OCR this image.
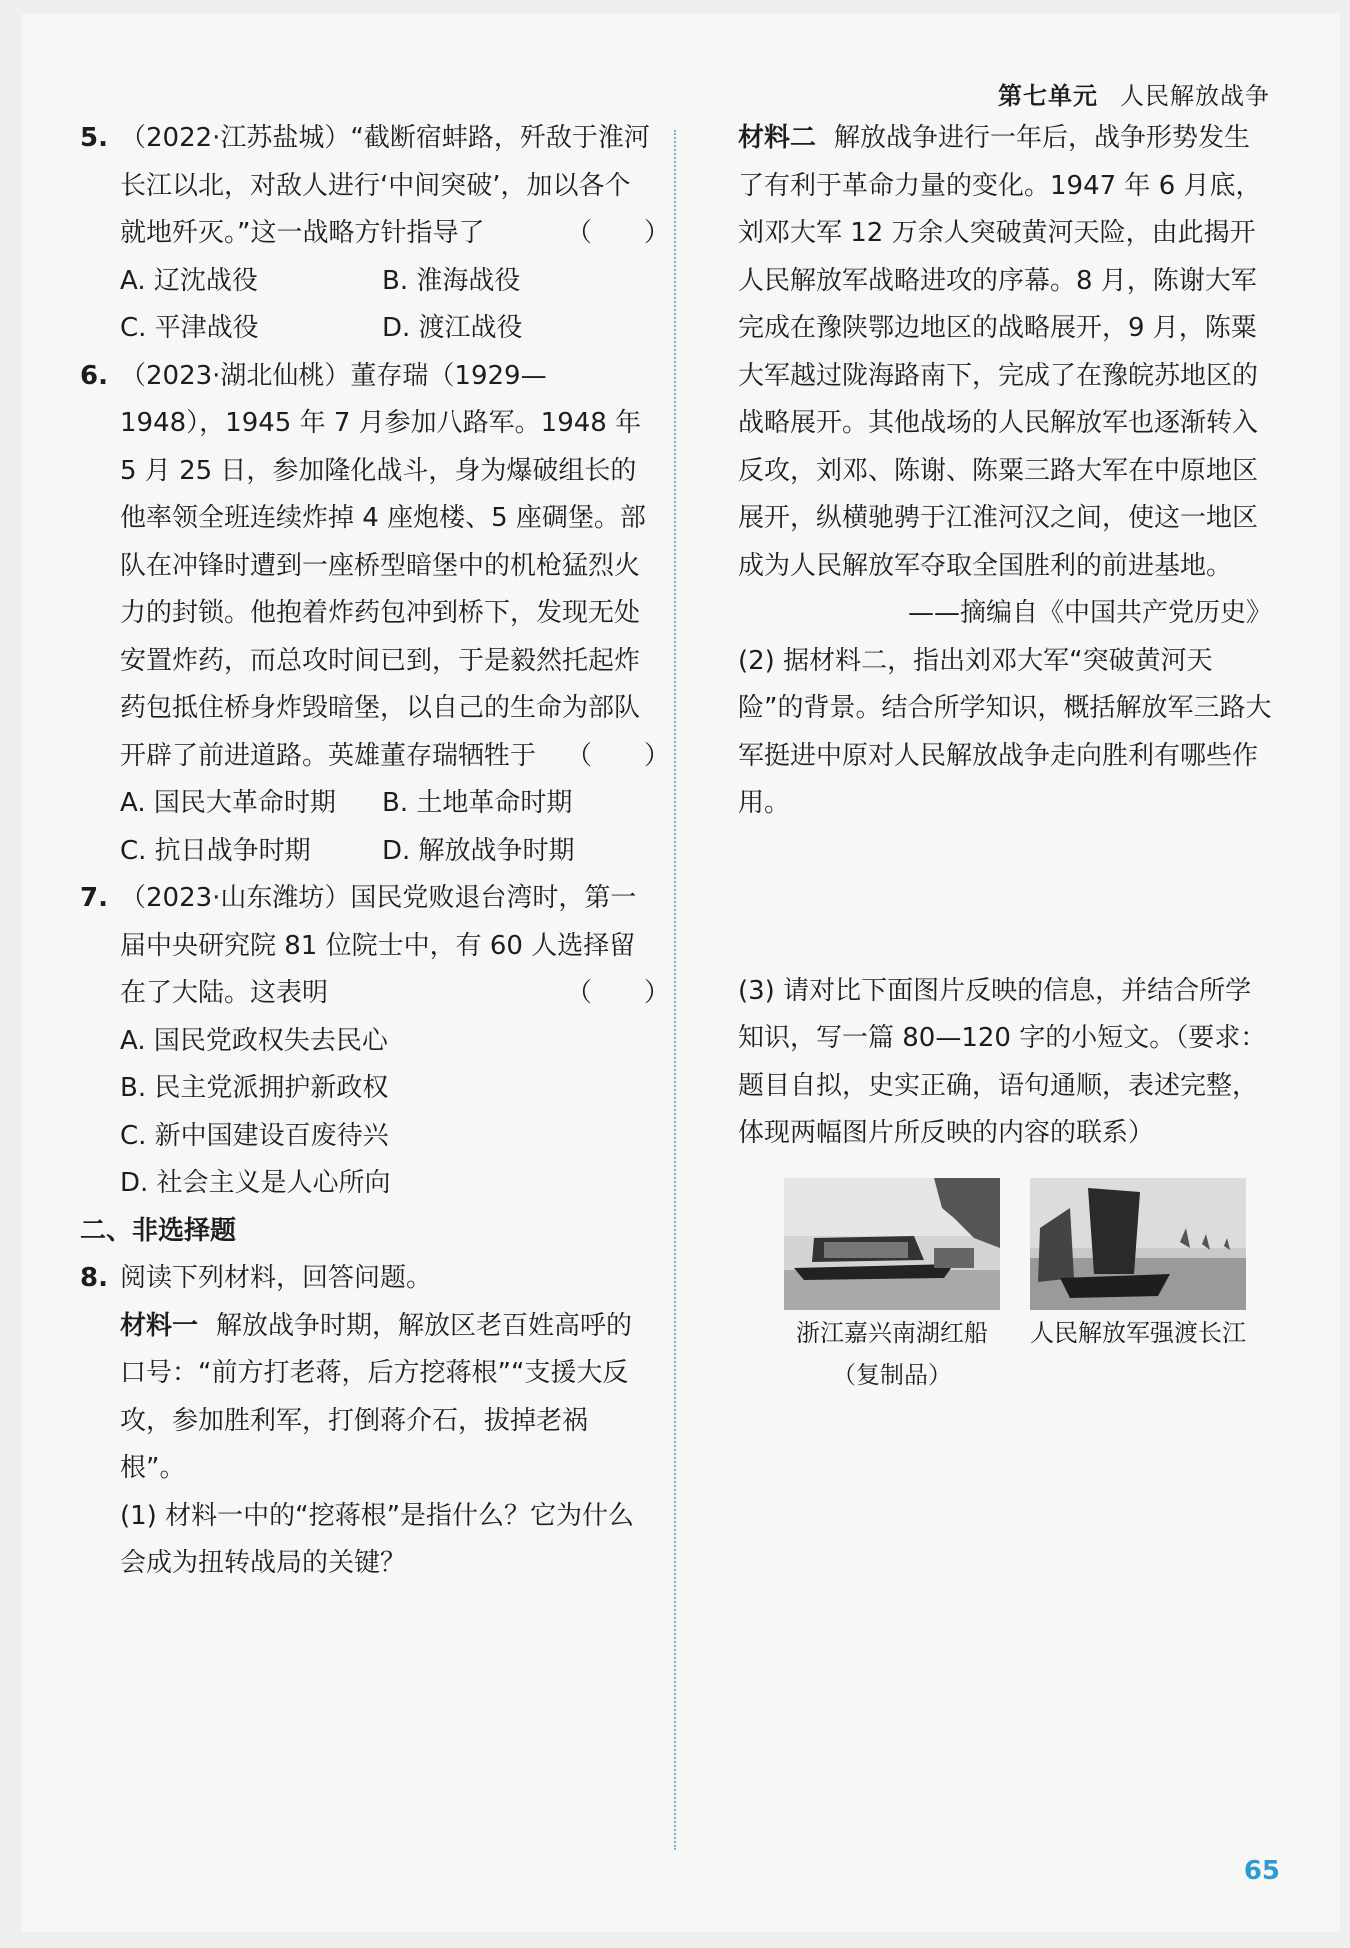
第七单元 人民解放战争
5. （2022·江苏盐城）“截断宿蚌路，歼敌于淮河长江以北，对敌人进行‘中间突破’，加以各个就地歼灭。”这一战略方针指导了	（　　）
A. 辽沈战役	B. 淮海战役
C. 平津战役	D. 渡江战役
6. （2023·湖北仙桃）董存瑞（1929—1948），1945 年 7 月参加八路军。1948 年 5 月 25 日，参加隆化战斗，身为爆破组长的他率领全班连续炸掉 4 座炮楼、5 座碉堡。部队在冲锋时遭到一座桥型暗堡中的机枪猛烈火力的封锁。他抱着炸药包冲到桥下，发现无处安置炸药，而总攻时间已到，于是毅然托起炸药包抵住桥身炸毁暗堡，以自己的生命为部队开辟了前进道路。英雄董存瑞牺牲于 （　　）
A. 国民大革命时期	B. 土地革命时期
C. 抗日战争时期	D. 解放战争时期
7. （2023·山东潍坊）国民党败退台湾时，第一届中央研究院 81 位院士中，有 60 人选择留在了大陆。这表明	（　　）
A. 国民党政权失去民心
B. 民主党派拥护新政权
C. 新中国建设百废待兴
D. 社会主义是人心所向

二、非选择题

8. 阅读下列材料，回答问题。

材料一 解放战争时期，解放区老百姓高呼的口号：“前方打老蒋，后方挖蒋根”“支援大反攻，参加胜利军，打倒蒋介石，拔掉老祸根”。

(1) 材料一中的“挖蒋根”是指什么？它为什么会成为扭转战局的关键？

材料二 解放战争进行一年后，战争形势发生了有利于革命力量的变化。1947 年 6 月底，刘邓大军 12 万余人突破黄河天险，由此揭开人民解放军战略进攻的序幕。8 月，陈谢大军完成在豫陕鄂边地区的战略展开，9 月，陈粟大军越过陇海路南下，完成了在豫皖苏地区的战略展开。其他战场的人民解放军也逐渐转入反攻，刘邓、陈谢、陈粟三路大军在中原地区展开，纵横驰骋于江淮河汉之间，使这一地区成为人民解放军夺取全国胜利的前进基地。
——摘编自《中国共产党历史》

(2) 据材料二，指出刘邓大军“突破黄河天险”的背景。结合所学知识，概括解放军三路大军挺进中原对人民解放战争走向胜利有哪些作用。

(3) 请对比下面图片反映的信息，并结合所学知识，写一篇 80—120 字的小短文。（要求：题目自拟，史实正确，语句通顺，表述完整，体现两幅图片所反映的内容的联系）

浙江嘉兴南湖红船
（复制品）
人民解放军强渡长江
65
